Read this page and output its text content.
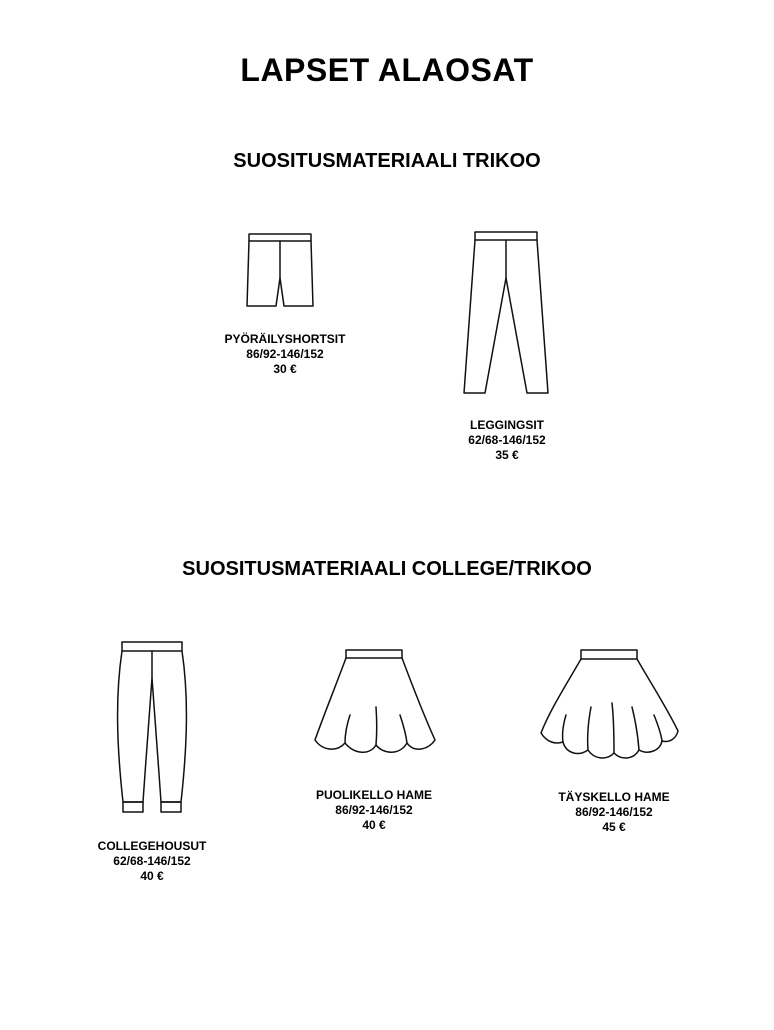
LAPSET ALAOSAT
SUOSITUSMATERIAALI TRIKOO
PYÖRÄILYSHORTSIT
86/92-146/152
30 €
LEGGINGSIT
62/68-146/152
35 €
SUOSITUSMATERIAALI COLLEGE/TRIKOO
COLLEGEHOUSUT
62/68-146/152
40 €
PUOLIKELLO HAME
86/92-146/152
40 €
TÄYSKELLO HAME
86/92-146/152
45 €
